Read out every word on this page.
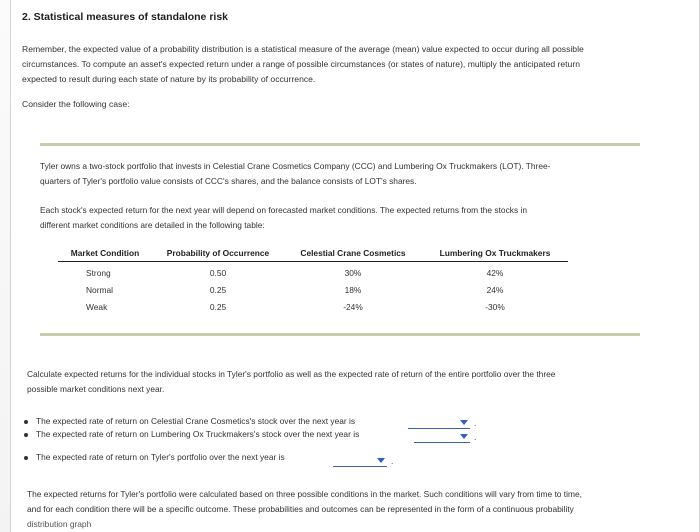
2. Statistical measures of standalone risk
Remember, the expected value of a probability distribution is a statistical measure of the average (mean) value expected to occur during all possible
circumstances. To compute an asset's expected return under a range of possible circumstances (or states of nature), multiply the anticipated return
expected to result during each state of nature by its probability of occurrence.
Consider the following case:
Tyler owns a two-stock portfolio that invests in Celestial Crane Cosmetics Company (CCC) and Lumbering Ox Truckmakers (LOT). Three-
quarters of Tyler's portfolio value consists of CCC's shares, and the balance consists of LOT's shares.
Each stock's expected return for the next year will depend on forecasted market conditions. The expected returns from the stocks in
different market conditions are detailed in the following table:
Market Condition	Probability of Occurrence	Celestial Crane Cosmetics	Lumbering Ox Truckmakers
Strong	0.50	30%	42%
Normal	0.25	18%	24%
Weak	0.25	-24%	-30%
Calculate expected returns for the individual stocks in Tyler's portfolio as well as the expected rate of return of the entire portfolio over the three
possible market conditions next year.
The expected rate of return on Celestial Crane Cosmetics's stock over the next year is
The expected rate of return on Lumbering Ox Truckmakers's stock over the next year is
The expected rate of return on Tyler's portfolio over the next year is
.
.
.
The expected returns for Tyler's portfolio were calculated based on three possible conditions in the market. Such conditions will vary from time to time,
and for each condition there will be a specific outcome. These probabilities and outcomes can be represented in the form of a continuous probability
distribution graph
